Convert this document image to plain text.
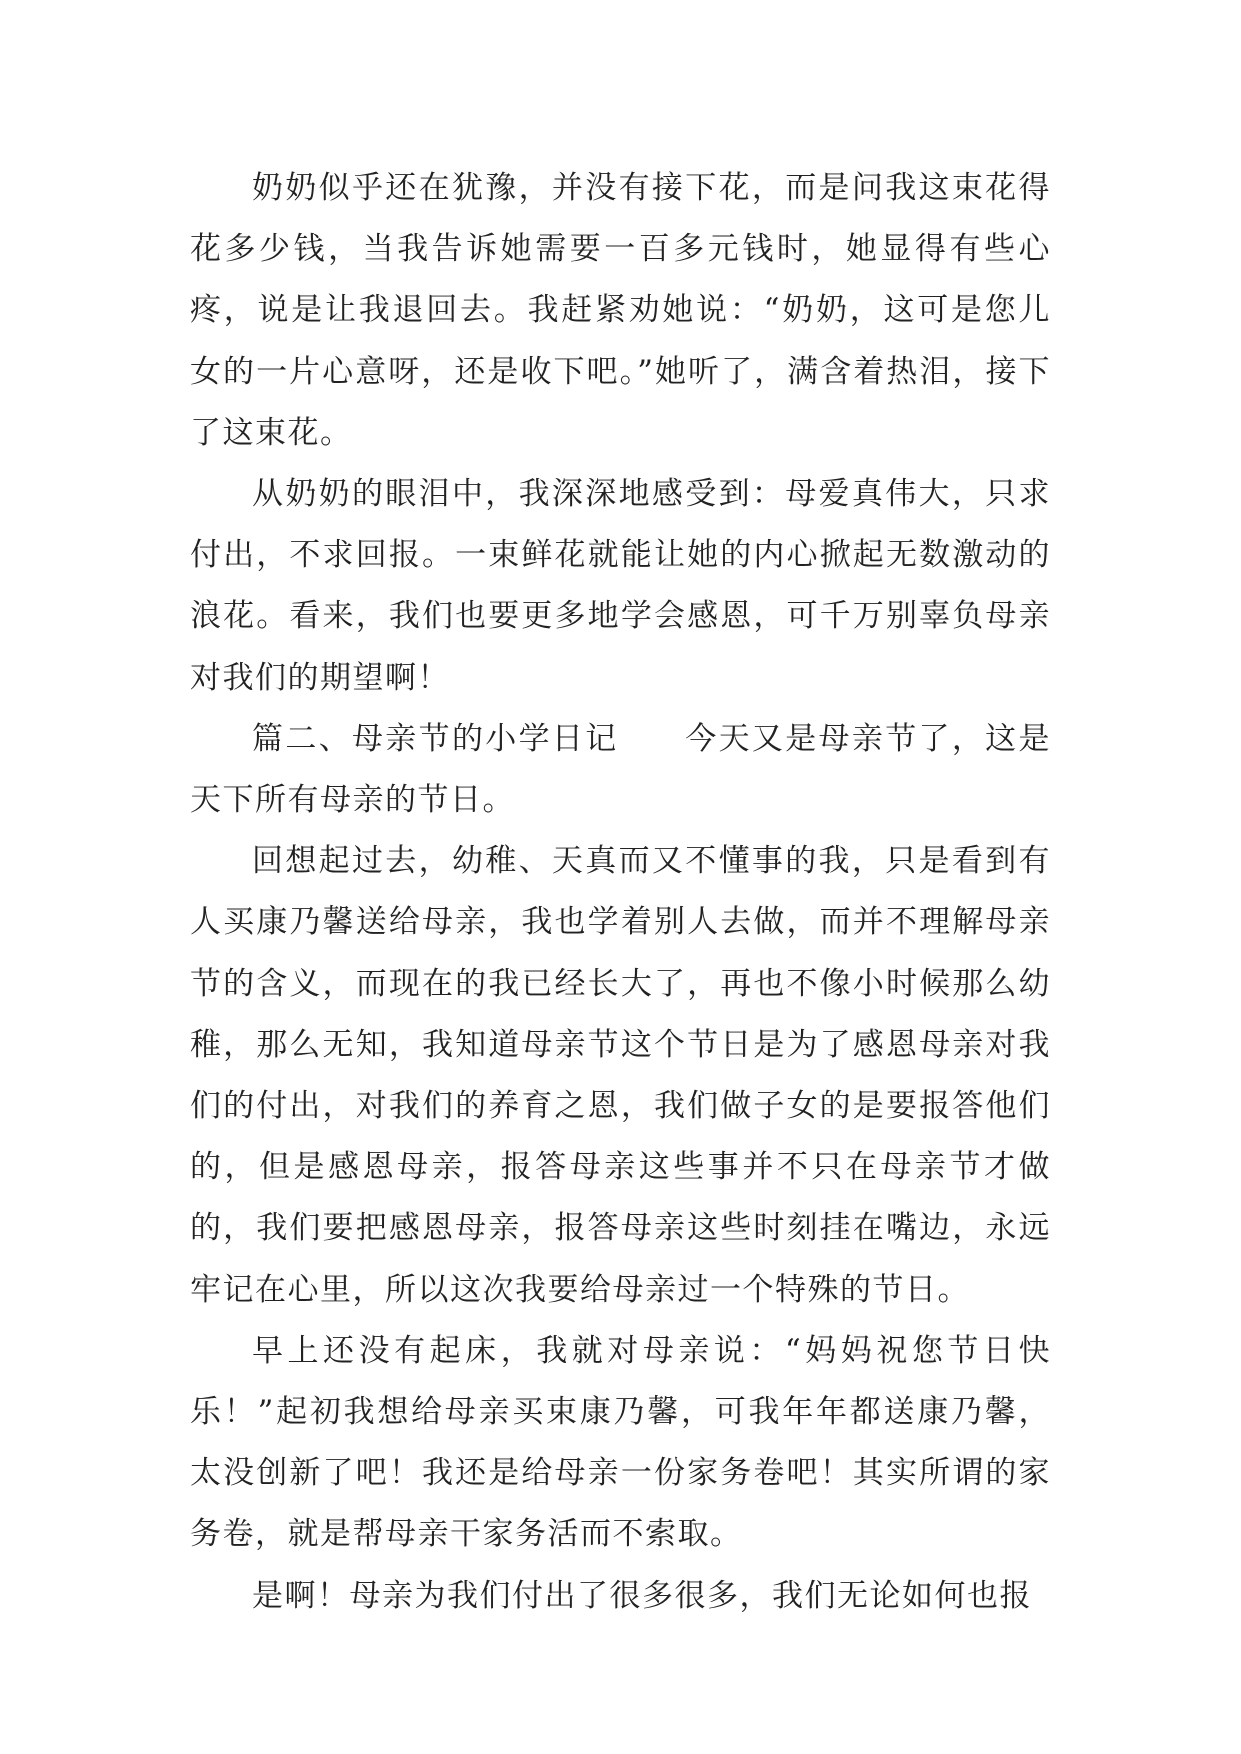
奶奶似乎还在犹豫，并没有接下花，而是问我这束花得花多少钱，当我告诉她需要一百多元钱时，她显得有些心疼，说是让我退回去。我赶紧劝她说：“奶奶，这可是您儿女的一片心意呀，还是收下吧。”她听了，满含着热泪，接下了这束花。

从奶奶的眼泪中，我深深地感受到：母爱真伟大，只求付出，不求回报。一束鲜花就能让她的内心掀起无数激动的浪花。看来，我们也要更多地学会感恩，可千万别辜负母亲对我们的期望啊！

篇二、母亲节的小学日记　　今天又是母亲节了，这是天下所有母亲的节日。

回想起过去，幼稚、天真而又不懂事的我，只是看到有人买康乃馨送给母亲，我也学着别人去做，而并不理解母亲节的含义，而现在的我已经长大了，再也不像小时候那么幼稚，那么无知，我知道母亲节这个节日是为了感恩母亲对我们的付出，对我们的养育之恩，我们做子女的是要报答他们的，但是感恩母亲，报答母亲这些事并不只在母亲节才做的，我们要把感恩母亲，报答母亲这些时刻挂在嘴边，永远牢记在心里，所以这次我要给母亲过一个特殊的节日。

早上还没有起床，我就对母亲说：“妈妈祝您节日快乐！”起初我想给母亲买束康乃馨，可我年年都送康乃馨，太没创新了吧！我还是给母亲一份家务卷吧！其实所谓的家务卷，就是帮母亲干家务活而不索取。

是啊！母亲为我们付出了很多很多，我们无论如何也报
